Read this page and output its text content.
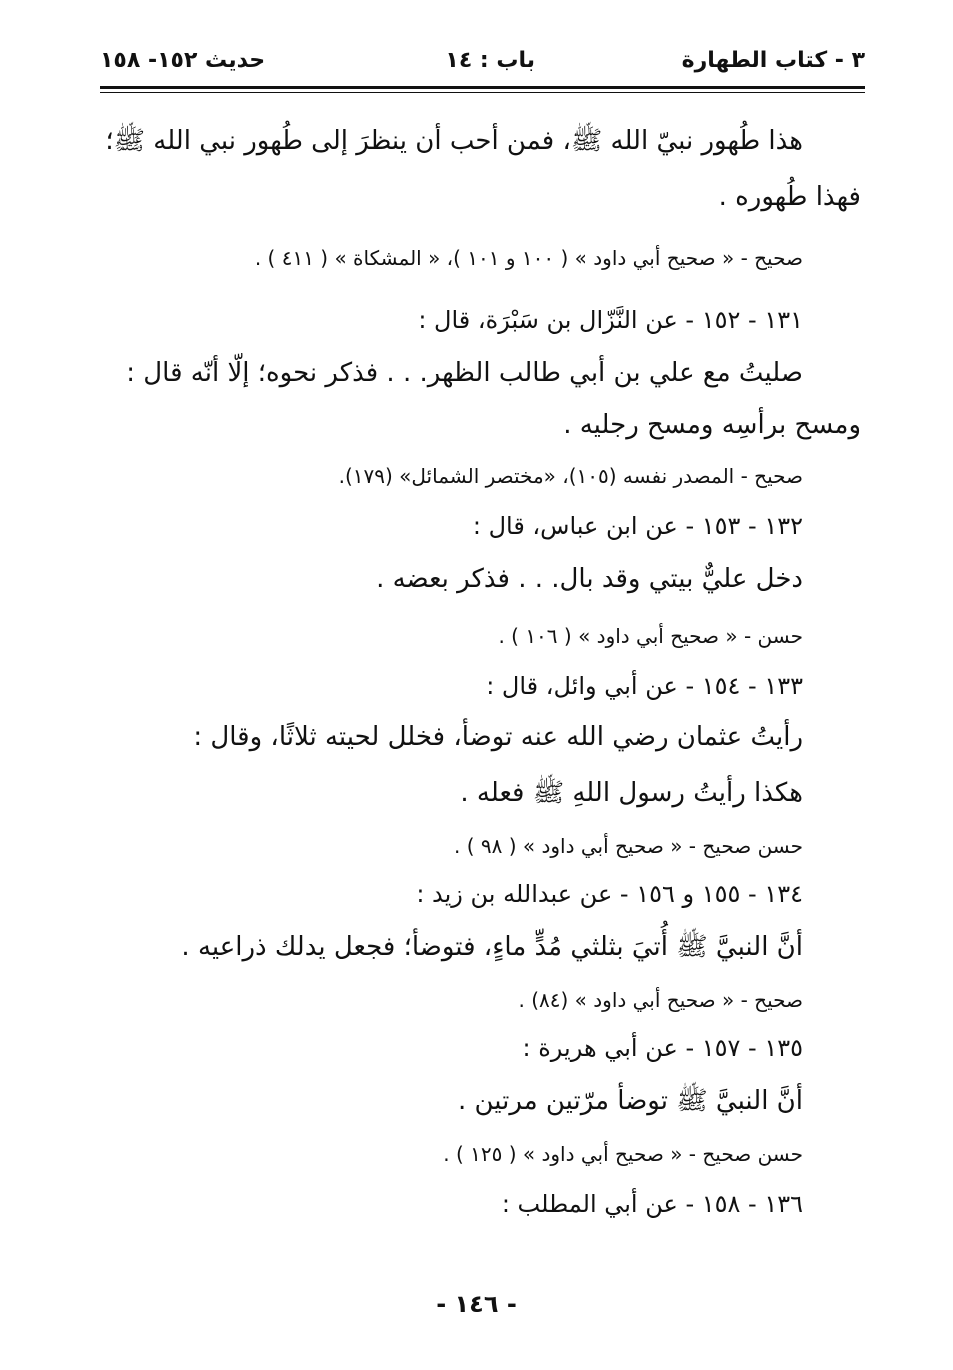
٣ - كتاب الطهارة
باب : ١٤
حديث ١٥٢- ١٥٨
هذا طُهور نبيّ الله ﷺ، فمن أحب أن ينظرَ إلى طُهور نبي الله ﷺ؛
فهذا طُهوره .
صحيح - « صحيح أبي داود » ( ١٠٠ و ١٠١ )، « المشكاة » ( ٤١١ ) .
١٣١ - ١٥٢ - عن النَّزّال بن سَبْرَة، قال :
صليتُ مع علي بن أبي طالب الظهر. . . فذكر نحوه؛ إلّا أنّه قال :
ومسح برأسِه ومسح رجليه .
صحيح - المصدر نفسه (١٠٥)، «مختصر الشمائل» (١٧٩).
١٣٢ - ١٥٣ - عن ابن عباس، قال :
دخل عليٌّ بيتي وقد بال. . . فذكر بعضه .
حسن - « صحيح أبي داود » ( ١٠٦ ) .
١٣٣ - ١٥٤ - عن أبي وائل، قال :
رأيتُ عثمان رضي الله عنه توضأ، فخلل لحيته ثلاثًا، وقال :
هكذا رأيتُ رسول اللهِ ﷺ فعله .
حسن صحيح - « صحيح أبي داود » ( ٩٨ ) .
١٣٤ - ١٥٥ و ١٥٦ - عن عبدالله بن زيد :
أنَّ النبيَّ ﷺ أُتيَ بثلثي مُدٍّ ماءٍ، فتوضأ؛ فجعل يدلك ذراعيه .
صحيح - « صحيح أبي داود » (٨٤) .
١٣٥ - ١٥٧ - عن أبي هريرة :
أنَّ النبيَّ ﷺ توضأ مرّتين مرتين .
حسن صحيح - « صحيح أبي داود » ( ١٢٥ ) .
١٣٦ - ١٥٨ - عن أبي المطلب :
- ١٤٦ -
